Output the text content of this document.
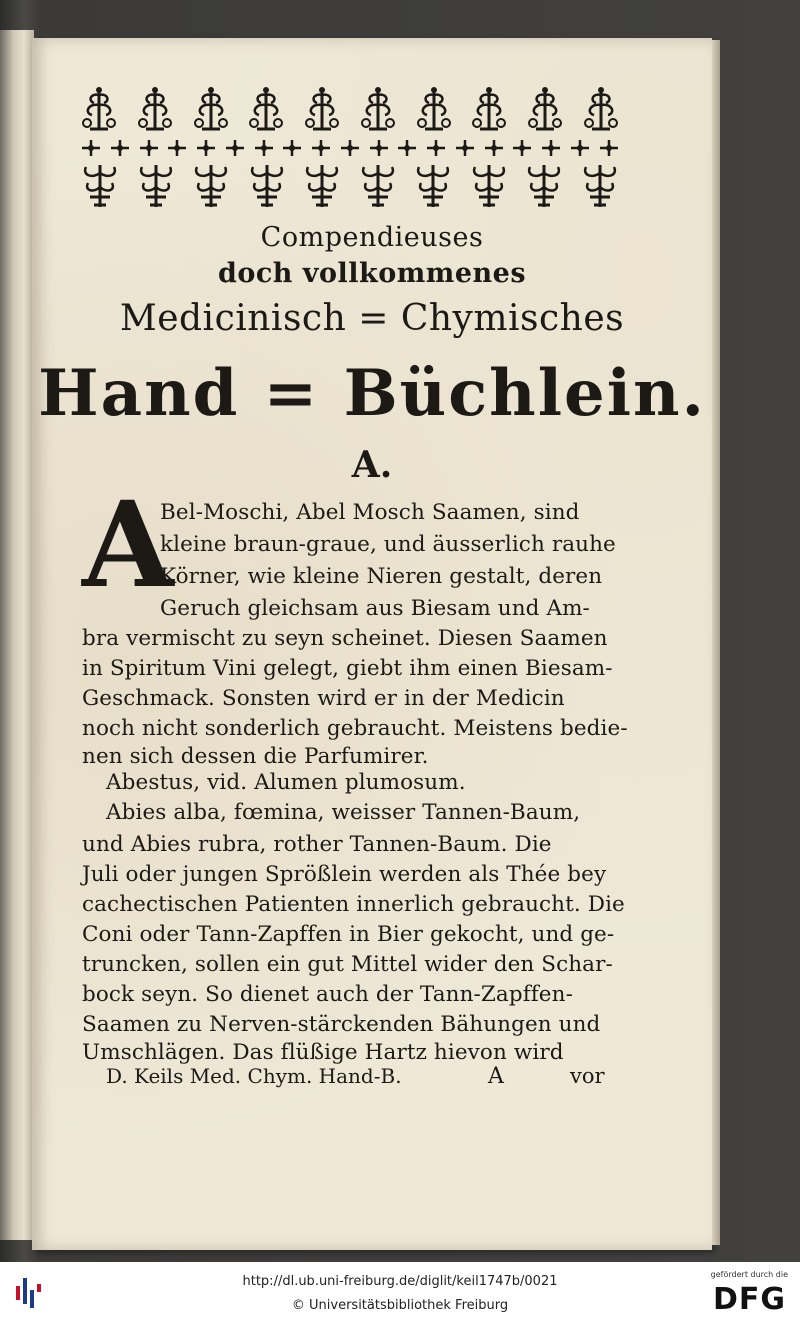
Compendieuses
doch vollkommenes
Medicinisch = Chymisches
Hand = Büchlein.
A.
A
Bel-Moschi, Abel Mosch Saamen, sind
kleine braun-graue, und äusserlich rauhe
Körner, wie kleine Nieren gestalt, deren
Geruch gleichsam aus Biesam und Am-
bra vermischt zu seyn scheinet. Diesen Saamen
in Spiritum Vini gelegt, giebt ihm einen Biesam-
Geschmack. Sonsten wird er in der Medicin
noch nicht sonderlich gebraucht. Meistens bedie-
nen sich dessen die Parfumirer.
Abestus, vid. Alumen plumosum.
Abies alba, fœmina, weisser Tannen-Baum,
und Abies rubra, rother Tannen-Baum. Die
Juli oder jungen Sprößlein werden als Thée bey
cachectischen Patienten innerlich gebraucht. Die
Coni oder Tann-Zapffen in Bier gekocht, und ge-
truncken, sollen ein gut Mittel wider den Schar-
bock seyn. So dienet auch der Tann-Zapffen-
Saamen zu Nerven-stärckenden Bähungen und
Umschlägen. Das flüßige Hartz hievon wird
D. Keils Med. Chym. Hand-B.	A	vor
http://dl.ub.uni-freiburg.de/diglit/keil1747b/0021
© Universitätsbibliothek Freiburg
gefördert durch die
DFG
